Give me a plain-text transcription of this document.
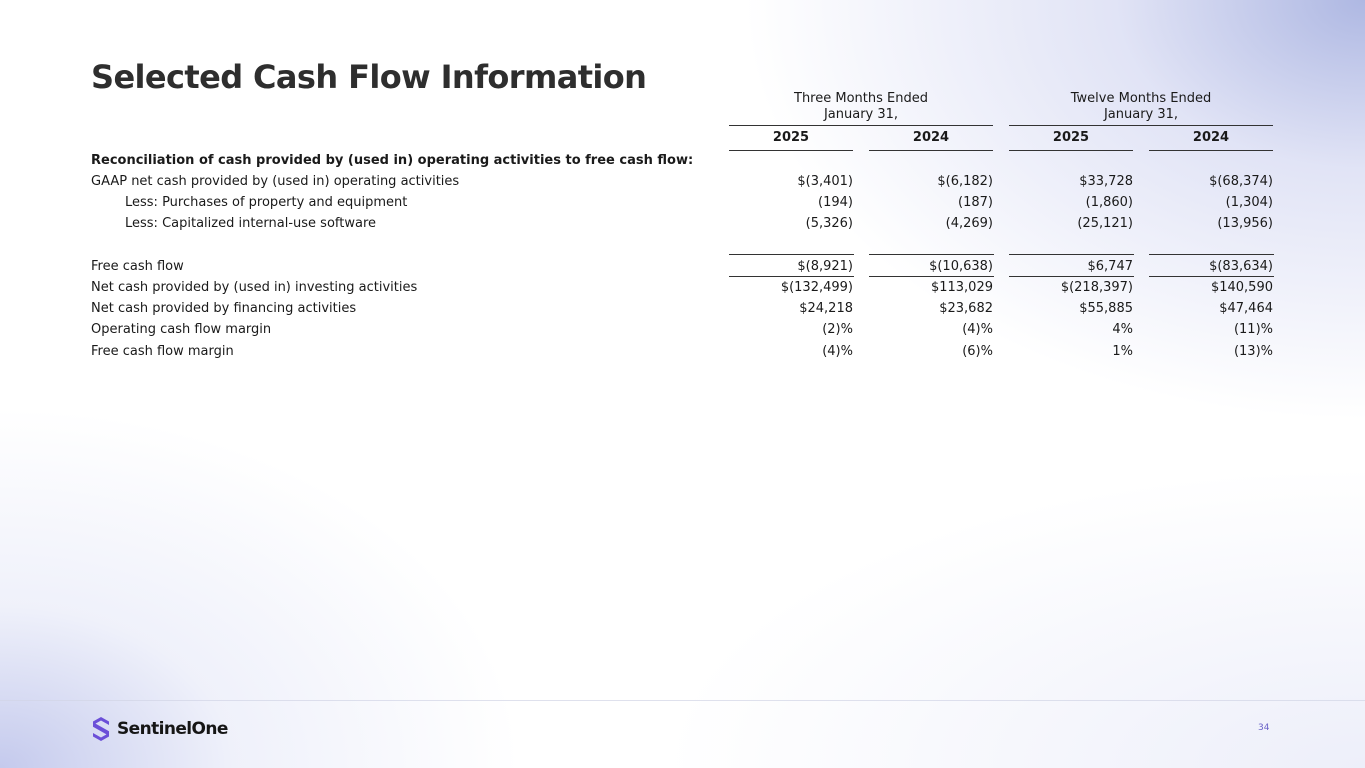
Selected Cash Flow Information
Three Months Ended
January 31,
Twelve Months Ended
January 31,
2025	2024	2025	2024
Reconciliation of cash provided by (used in) operating activities to free cash flow:
GAAP net cash provided by (used in) operating activities	$(3,401)	$(6,182)	$33,728	$(68,374)
Less: Purchases of property and equipment	(194)	(187)	(1,860)	(1,304)
Less: Capitalized internal-use software	(5,326)	(4,269)	(25,121)	(13,956)
Free cash flow	$(8,921)	$(10,638)	$6,747	$(83,634)
Net cash provided by (used in) investing activities	$(132,499)	$113,029	$(218,397)	$140,590
Net cash provided by financing activities	$24,218	$23,682	$55,885	$47,464
Operating cash flow margin	(2)%	(4)%	4%	(11)%
Free cash flow margin	(4)%	(6)%	1%	(13)%
SentinelOne	34
